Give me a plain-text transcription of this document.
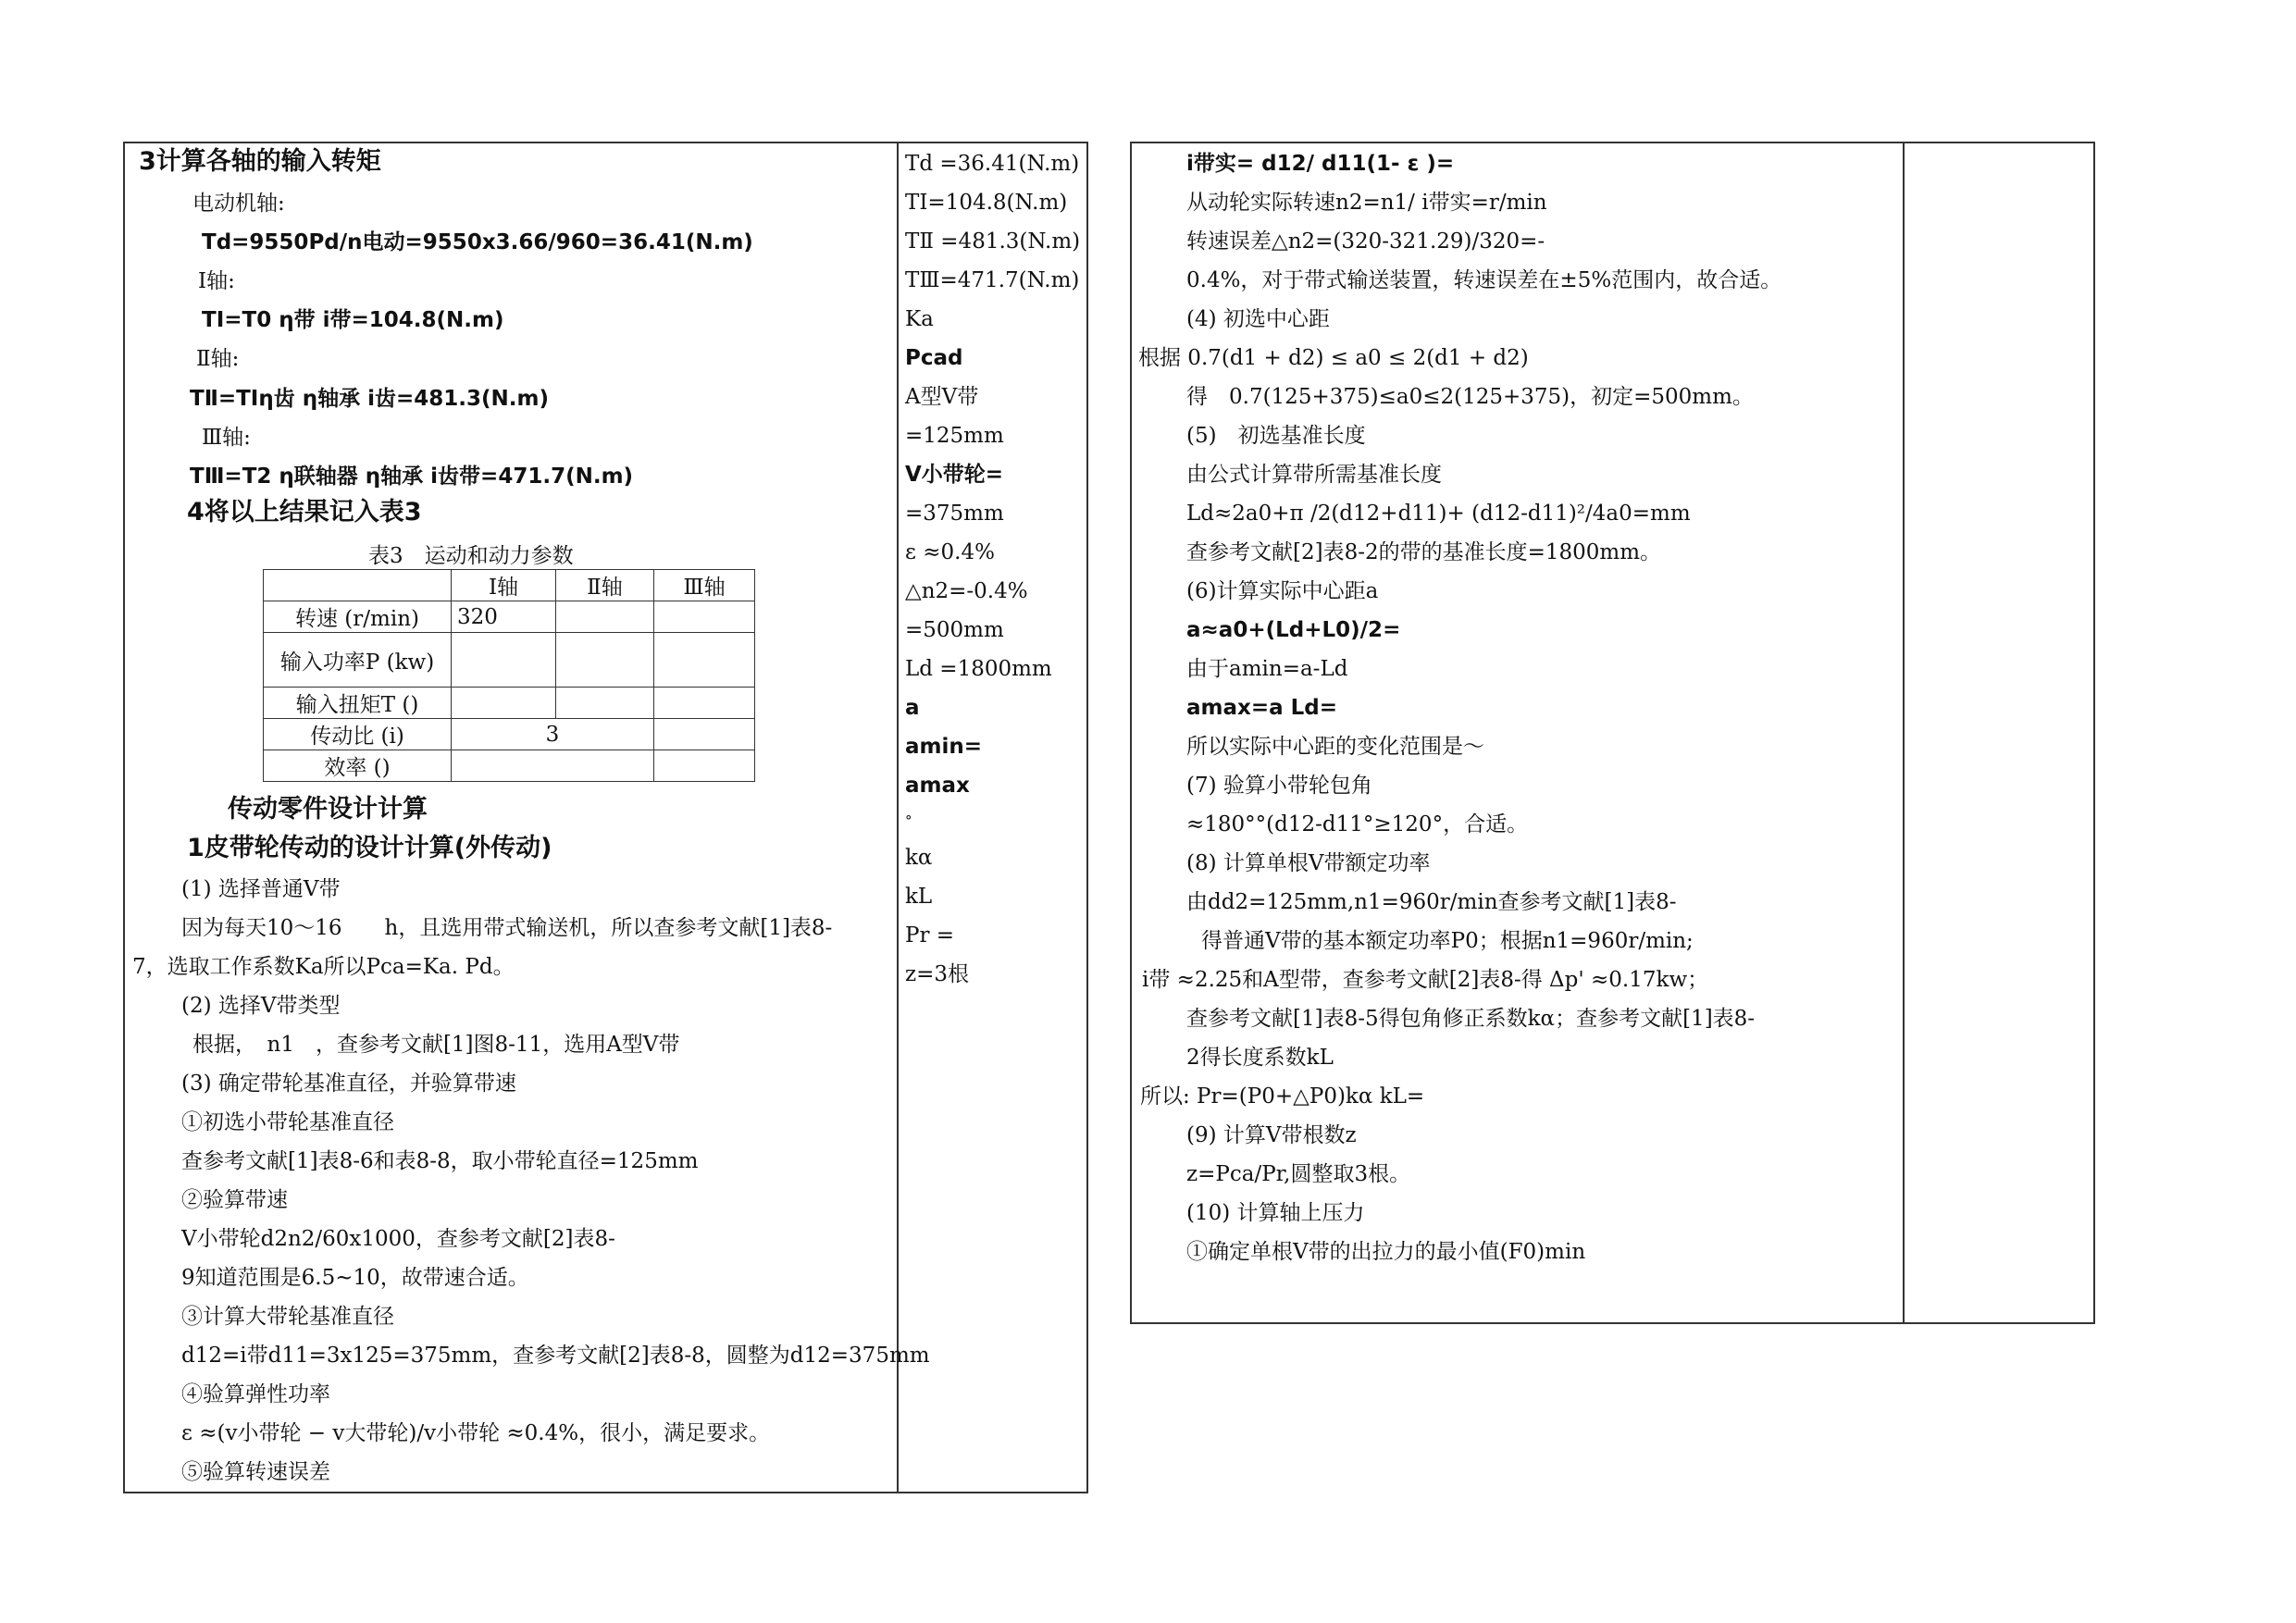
3计算各轴的输入转矩
电动机轴:
Td=9550Pd/n电动=9550x3.66/960=36.41(N.m)
Ⅰ轴:
TⅠ=T0 η带 i带=104.8(N.m)
Ⅱ轴:
TⅡ=TⅠη齿 η轴承 i齿=481.3(N.m)
Ⅲ轴:
TⅢ=T2 η联轴器 η轴承 i齿带=471.7(N.m)
4将以上结果记入表3
表3　运动和动力参数
	Ⅰ轴	Ⅱ轴	Ⅲ轴
转速 (r/min)	320		
输入功率P (kw)			
输入扭矩T ()			
传动比 (i)	3		
效率 ()			
传动零件设计计算
1皮带轮传动的设计计算(外传动)
(1) 选择普通V带
因为每天10～16　　h，且选用带式输送机，所以查参考文献[1]表8-
7，选取工作系数Ka所以Pca=Ka. Pd。
(2) 选择V带类型
根据，　n1　，查参考文献[1]图8-11，选用A型V带
(3) 确定带轮基准直径，并验算带速
①初选小带轮基准直径
查参考文献[1]表8-6和表8-8，取小带轮直径=125mm
②验算带速
V小带轮d2n2/60x1000，查参考文献[2]表8-
9知道范围是6.5~10，故带速合适。
③计算大带轮基准直径
d12=i带d11=3x125=375mm，查参考文献[2]表8-8，圆整为d12=375mm
④验算弹性功率
ε ≈(v小带轮 − v大带轮)/v小带轮 ≈0.4%，很小，满足要求。
⑤验算转速误差
Td =36.41(N.m)
TⅠ=104.8(N.m)
TⅡ =481.3(N.m)
TⅢ=471.7(N.m)
Ka
Pcad
A型V带
=125mm
V小带轮=
=375mm
ε ≈0.4%
△n2=-0.4%
=500mm
Ld =1800mm
a
amin=
amax
°
kα
kL
Pr =
z=3根
i带实= d12/ d11(1- ε )=
从动轮实际转速n2=n1/ i带实=r/min
转速误差△n2=(320-321.29)/320=-
0.4%，对于带式输送装置，转速误差在±5%范围内，故合适。
(4) 初选中心距
根据 0.7(d1 + d2) ≤ a0 ≤ 2(d1 + d2)
得　0.7(125+375)≤a0≤2(125+375)，初定=500mm。
(5)　初选基准长度
由公式计算带所需基准长度
Ld≈2a0+π /2(d12+d11)+ (d12-d11)²/4a0=mm
查参考文献[2]表8-2的带的基准长度=1800mm。
(6)计算实际中心距a
a≈a0+(Ld+L0)/2=
由于amin=a-Ld
amax=a Ld=
所以实际中心距的变化范围是～
(7) 验算小带轮包角
≈180°°(d12-d11°≥120°，合适。
(8) 计算单根V带额定功率
由dd2=125mm,n1=960r/min查参考文献[1]表8-
得普通V带的基本额定功率P0；根据n1=960r/min;
i带 ≈2.25和A型带，查参考文献[2]表8-得 Δp' ≈0.17kw；
查参考文献[1]表8-5得包角修正系数kα；查参考文献[1]表8-
2得长度系数kL
所以: Pr=(P0+△P0)kα kL=
(9) 计算V带根数z
z=Pca/Pr,圆整取3根。
(10) 计算轴上压力
①确定单根V带的出拉力的最小值(F0)min
